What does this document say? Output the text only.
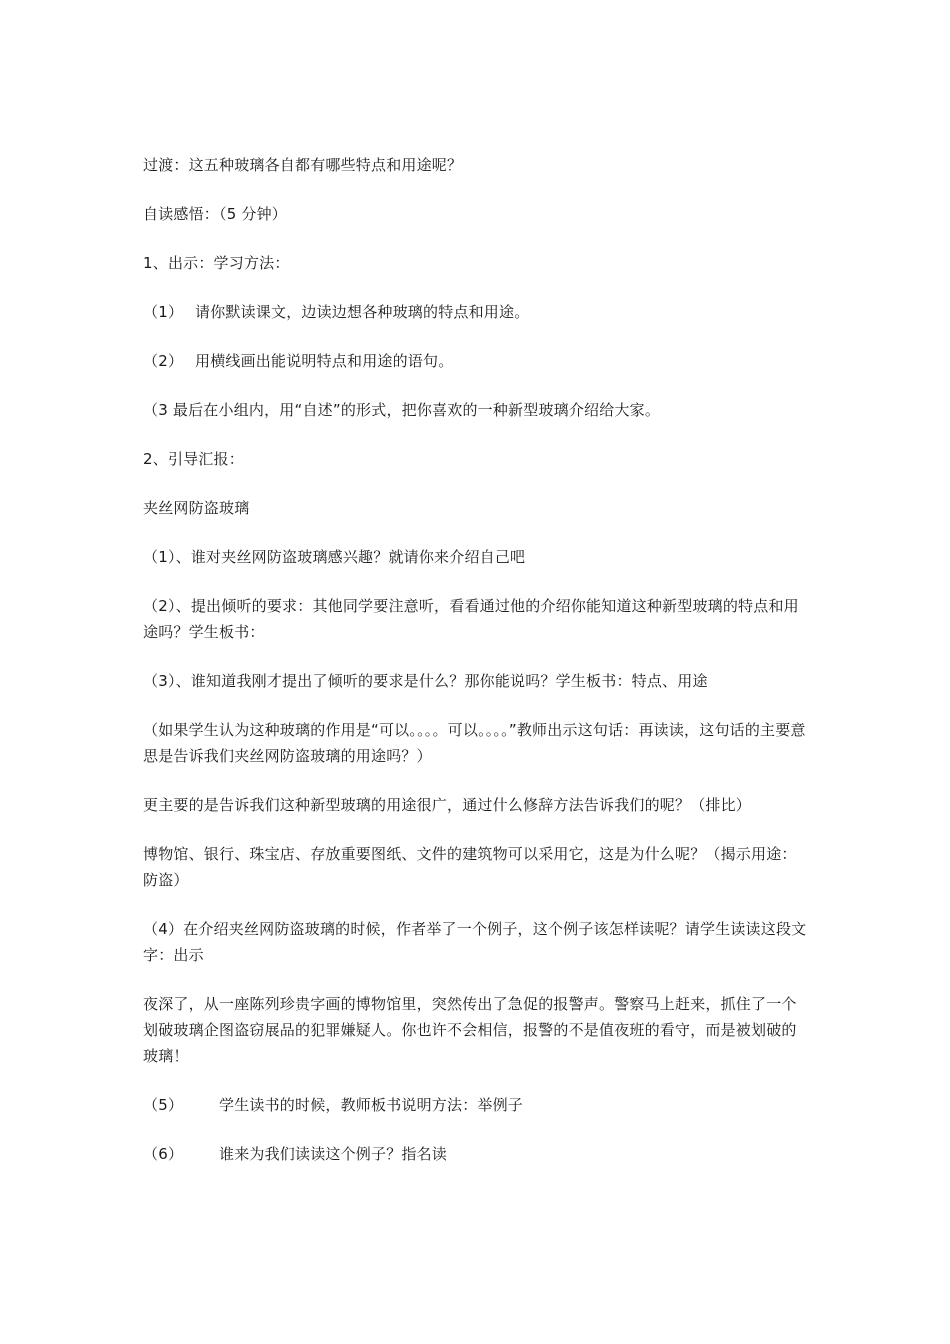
过渡：这五种玻璃各自都有哪些特点和用途呢？

自读感悟：（5 分钟）

1、出示：学习方法：

（1） 请你默读课文，边读边想各种玻璃的特点和用途。
（2） 用横线画出能说明特点和用途的语句。

（3 最后在小组内，用“自述”的形式，把你喜欢的一种新型玻璃介绍给大家。

2、引导汇报：

夹丝网防盗玻璃

（1）、谁对夹丝网防盗玻璃感兴趣？就请你来介绍自己吧

（2）、提出倾听的要求：其他同学要注意听，看看通过他的介绍你能知道这种新型玻璃的特点和用途吗？学生板书：

（3）、谁知道我刚才提出了倾听的要求是什么？那你能说吗？学生板书：特点、用途

（如果学生认为这种玻璃的作用是“可以。。。。可以。。。。”教师出示这句话：再读读，这句话的主要意思是告诉我们夹丝网防盗玻璃的用途吗？）

更主要的是告诉我们这种新型玻璃的用途很广，通过什么修辞方法告诉我们的呢？（排比）

博物馆、银行、珠宝店、存放重要图纸、文件的建筑物可以采用它，这是为什么呢？（揭示用途：防盗）

（4）在介绍夹丝网防盗玻璃的时候，作者举了一个例子，这个例子该怎样读呢？请学生读读这段文字：出示

夜深了，从一座陈列珍贵字画的博物馆里，突然传出了急促的报警声。警察马上赶来，抓住了一个划破玻璃企图盗窃展品的犯罪嫌疑人。你也许不会相信，报警的不是值夜班的看守，而是被划破的玻璃！

（5）	学生读书的时候，教师板书说明方法：举例子
（6）	谁来为我们读读这个例子？指名读
